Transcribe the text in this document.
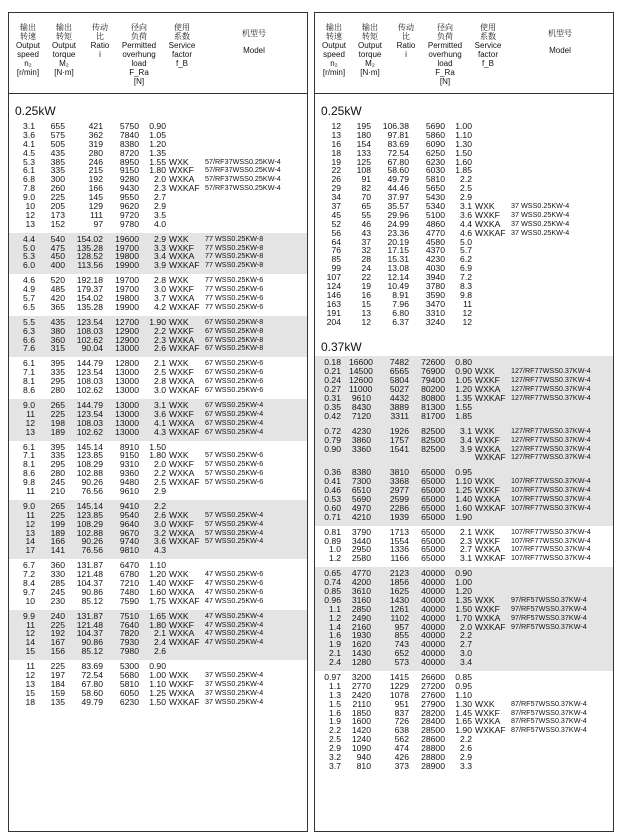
输出
转速
Output
speed
n₂
[r/min]
输出
转矩
Output
torque
M₂
[N·m]
传动
比
Ratio
i
径向
负荷
Permitted
overhung
load
F_Ra
[N]
使用
系数
Service
factor
f_B
机型号
Model
0.25kW
3.1	655	421	5750	0.90
3.6	575	362	7840	1.05
4.1	505	319	8380	1.20
4.5	435	280	8720	1.35
5.3	385	246	8950	1.55 WXK 57/RF37WSS0.25KW-4
6.1	335	215	9150	1.80 WXKF 57/RF37WSS0.25KW-4
6.8	300	192	9280	2.0 WXKA 57/RF37WSS0.25KW-4
7.8	260	166	9430	2.3 WXKAF 57/RF37WSS0.25KW-4
9.0	225	145	9550	2.7
10	205	129	9620	2.9
12	173	111	9720	3.5
13	152	97	9780	4.0
4.4	540	154.02	19600	2.9 WXK 77 WSS0.25KW-8
5.0	475	135.28	19700	3.3 WXKF 77 WSS0.25KW-8
5.3	450	128.52	19800	3.4 WXKA 77 WSS0.25KW-8
6.0	400	113.56	19900	3.9 WXKAF 77 WSS0.25KW-8
4.6	520	192.18	19700	2.8 WXK 77 WSS0.25KW-6
4.9	485	179.37	19700	3.0 WXKF 77 WSS0.25KW-6
5.7	420	154.02	19800	3.7 WXKA 77 WSS0.25KW-6
6.5	365	135.28	19900	4.2 WXKAF 77 WSS0.25KW-6
5.5	435	123.54	12700	1.90 WXK 67 WSS0.25KW-8
6.3	380	108.03	12900	2.2 WXKF 67 WSS0.25KW-8
6.6	360	102.62	12900	2.3 WXKA 67 WSS0.25KW-8
7.6	315	90.04	13000	2.6 WXKAF 67 WSS0.25KW-8
6.1	395	144.79	12800	2.1 WXK 67 WSS0.25KW-6
7.1	335	123.54	13000	2.5 WXKF 67 WSS0.25KW-6
8.1	295	108.03	13000	2.8 WXKA 67 WSS0.25KW-6
8.6	280	102.62	13000	3.0 WXKAF 67 WSS0.25KW-6
9.0	265	144.79	13000	3.1 WXK 67 WSS0.25KW-4
11	225	123.54	13000	3.6 WXKF 67 WSS0.25KW-4
12	198	108.03	13000	4.1 WXKA 67 WSS0.25KW-4
13	189	102.62	13000	4.3 WXKAF 67 WSS0.25KW-4
6.1	395	145.14	8910	1.50
7.1	335	123.85	9150	1.80 WXK 57 WSS0.25KW-6
8.1	295	108.29	9310	2.0 WXKF 57 WSS0.25KW-6
8.6	280	102.88	9360	2.2 WXKA 57 WSS0.25KW-6
9.8	245	90.26	9480	2.5 WXKAF 57 WSS0.25KW-6
11	210	76.56	9610	2.9
9.0	265	145.14	9410	2.2
11	225	123.85	9540	2.6 WXK 57 WSS0.25KW-4
12	199	108.29	9640	3.0 WXKF 57 WSS0.25KW-4
13	189	102.88	9670	3.2 WXKA 57 WSS0.25KW-4
14	166	90.26	9740	3.6 WXKAF 57 WSS0.25KW-4
17	141	76.56	9810	4.3
6.7	360	131.87	6470	1.10
7.2	330	121.48	6780	1.20 WXK 47 WSS0.25KW-6
8.4	285	104.37	7210	1.40 WXKF 47 WSS0.25KW-6
9.7	245	90.86	7480	1.60 WXKA 47 WSS0.25KW-6
10	230	85.12	7590	1.75 WXKAF 47 WSS0.25KW-6
9.9	240	131.87	7510	1.65 WXK 47 WSS0.25KW-4
11	225	121.48	7640	1.80 WXKF 47 WSS0.25KW-4
12	192	104.37	7820	2.1 WXKA 47 WSS0.25KW-4
14	167	90.86	7930	2.4 WXKAF 47 WSS0.25KW-4
15	156	85.12	7980	2.6
11	225	83.69	5300	0.90
12	197	72.54	5680	1.00 WXK 37 WSS0.25KW-4
13	184	67.80	5810	1.10 WXKF 37 WSS0.25KW-4
15	159	58.60	6050	1.25 WXKA 37 WSS0.25KW-4
18	135	49.79	6230	1.50 WXKAF 37 WSS0.25KW-4
输出
转速
Output
speed
n₂
[r/min]
输出
转矩
Output
torque
M₂
[N·m]
传动
比
Ratio
i
径向
负荷
Permitted
overhung
load
F_Ra
[N]
使用
系数
Service
factor
f_B
机型号
Model
0.25kW
12	195	106.38	5690	1.00
13	180	97.81	5860	1.10
16	154	83.69	6090	1.30
18	133	72.54	6250	1.50
19	125	67.80	6230	1.60
22	108	58.60	6030	1.85
26	91	49.79	5810	2.2
29	82	44.46	5650	2.5
34	70	37.97	5430	2.9
37	65	35.57	5340	3.1 WXK 37 WSS0.25KW-4
45	55	29.96	5100	3.6 WXKF 37 WSS0.25KW-4
52	46	24.99	4860	4.4 WXKA 37 WSS0.25KW-4
56	43	23.36	4770	4.6 WXKAF 37 WSS0.25KW-4
64	37	20.19	4580	5.0
76	32	17.15	4370	5.7
85	28	15.31	4230	6.2
99	24	13.08	4030	6.9
107	22	12.14	3940	7.2
124	19	10.49	3780	8.3
146	16	8.91	3590	9.8
163	15	7.96	3470	11
191	13	6.80	3310	12
204	12	6.37	3240	12
0.37kW
0.18 16600	7482	72600	0.80
0.21 14500	6565	76900	0.90 WXK 127/RF77WSS0.37KW-4
0.24 12600	5804	79400	1.05 WXKF 127/RF77WSS0.37KW-4
0.27 11000	5027	80200	1.20 WXKA 127/RF77WSS0.37KW-4
0.31	9610	4432	80800	1.35 WXKAF 127/RF77WSS0.37KW-4
0.35	8430	3889	81300	1.55
0.42	7120	3311	81700	1.85
0.72	4230	1926	82500	3.1 WXK 127/RF77WSS0.37KW-4
0.79	3860	1757	82500	3.4 WXKF 127/RF77WSS0.37KW-4
0.90	3360	1541	82500	3.9 WXKA 127/RF77WSS0.37KW-4
WXKAF 127/RF77WSS0.37KW-4
0.36	8380	3810	65000	0.95
0.41	7300	3368	65000	1.10 WXK 107/RF77WSS0.37KW-4
0.46	6510	2977	65000	1.25 WXKF 107/RF77WSS0.37KW-4
0.53	5690	2599	65000	1.40 WXKA 107/RF77WSS0.37KW-4
0.60	4970	2286	65000	1.60 WXKAF 107/RF77WSS0.37KW-4
0.71	4210	1939	65000	1.90
0.81	3790	1713	65000	2.1 WXK 107/RF77WSS0.37KW-4
0.89	3440	1554	65000	2.3 WXKF 107/RF77WSS0.37KW-4
1.0	2950	1336	65000	2.7 WXKA 107/RF77WSS0.37KW-4
1.2	2580	1166	65000	3.1 WXKAF 107/RF77WSS0.37KW-4
0.65	4770	2123	40000	0.90
0.74	4200	1856	40000	1.00
0.85	3610	1625	40000	1.20
0.96	3160	1430	40000	1.35 WXK 97/RF57WSS0.37KW-4
1.1	2850	1261	40000	1.50 WXKF 97/RF57WSS0.37KW-4
1.2	2490	1102	40000	1.70 WXKA 97/RF57WSS0.37KW-4
1.4	2160	957	40000	2.0 WXKAF 97/RF57WSS0.37KW-4
1.6	1930	855	40000	2.2
1.9	1620	743	40000	2.7
2.1	1430	652	40000	3.0
2.4	1280	573	40000	3.4
0.97	3200	1415	26600	0.85
1.1	2770	1229	27200	0.95
1.3	2420	1078	27600	1.10
1.5	2110	951	27900	1.30 WXK 87/RF57WSS0.37KW-4
1.6	1850	837	28200	1.45 WXKF 87/RF57WSS0.37KW-4
1.9	1600	726	28400	1.65 WXKA 87/RF57WSS0.37KW-4
2.2	1420	638	28500	1.90 WXKAF 87/RF57WSS0.37KW-4
2.5	1240	562	28600	2.2
2.9	1090	474	28800	2.6
3.2	940	426	28800	2.9
3.7	810	373	28900	3.3
